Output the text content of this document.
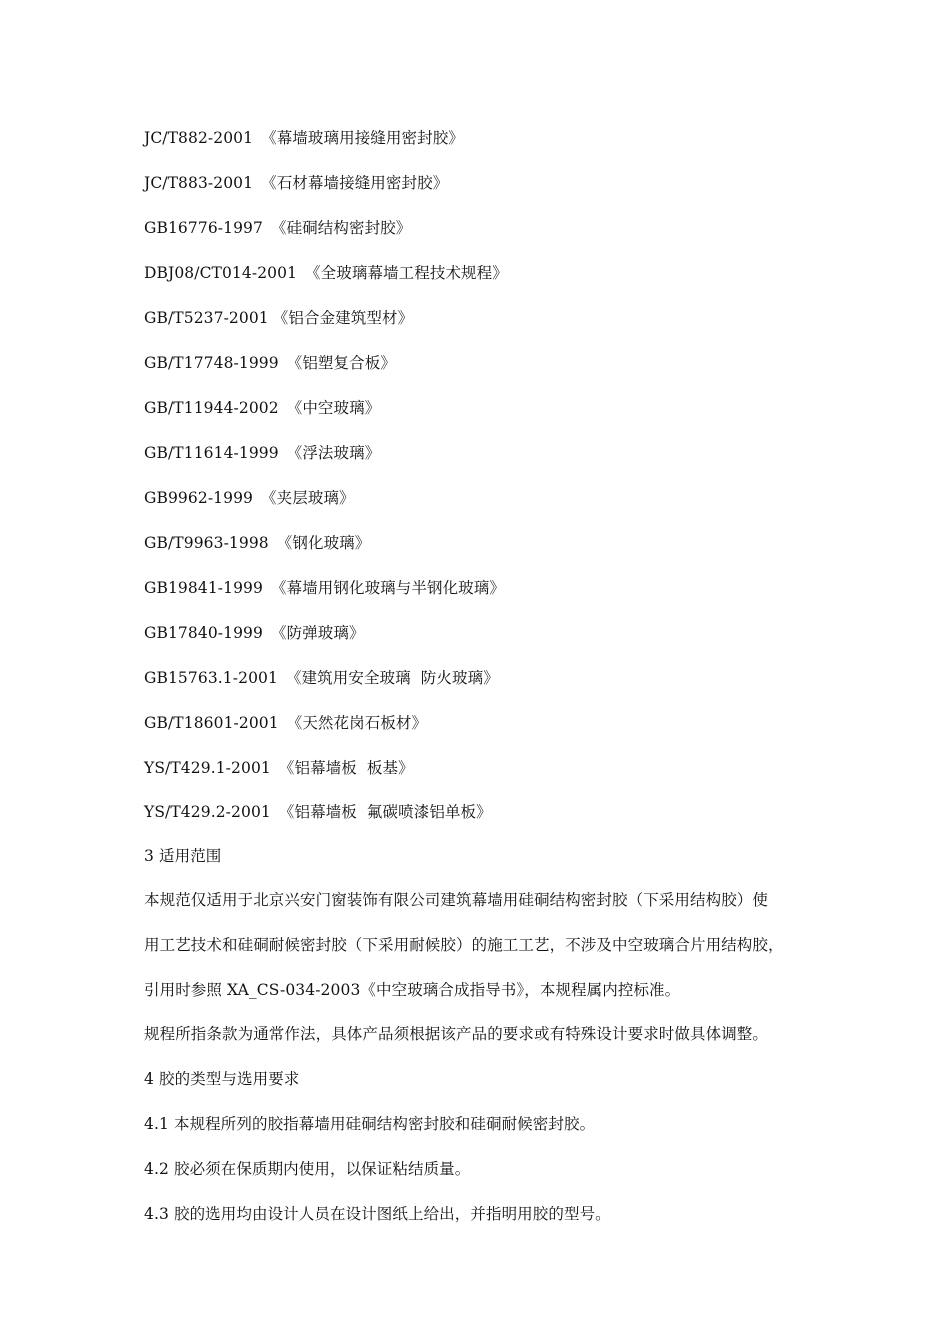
JC/T882-2001 《幕墙玻璃用接缝用密封胶》
JC/T883-2001 《石材幕墙接缝用密封胶》
GB16776-1997 《硅硐结构密封胶》
DBJ08/CT014-2001 《全玻璃幕墙工程技术规程》
GB/T5237-2001 《铝合金建筑型材》
GB/T17748-1999 《铝塑复合板》
GB/T11944-2002 《中空玻璃》
GB/T11614-1999 《浮法玻璃》
GB9962-1999 《夹层玻璃》
GB/T9963-1998 《钢化玻璃》
GB19841-1999 《幕墙用钢化玻璃与半钢化玻璃》
GB17840-1999 《防弹玻璃》
GB15763.1-2001 《建筑用安全玻璃  防火玻璃》
GB/T18601-2001 《天然花岗石板材》
YS/T429.1-2001 《铝幕墙板  板基》
YS/T429.2-2001 《铝幕墙板  氟碳喷漆铝单板》
3 适用范围
本规范仅适用于北京兴安门窗装饰有限公司建筑幕墙用硅硐结构密封胶（下采用结构胶）使
用工艺技术和硅硐耐候密封胶（下采用耐候胶）的施工工艺，不涉及中空玻璃合片用结构胶，
引用时参照 XA_CS-034-2003《中空玻璃合成指导书》，本规程属内控标准。
规程所指条款为通常作法，具体产品须根据该产品的要求或有特殊设计要求时做具体调整。
4 胶的类型与选用要求
4.1 本规程所列的胶指幕墙用硅硐结构密封胶和硅硐耐候密封胶。
4.2 胶必须在保质期内使用，以保证粘结质量。
4.3 胶的选用均由设计人员在设计图纸上给出，并指明用胶的型号。
